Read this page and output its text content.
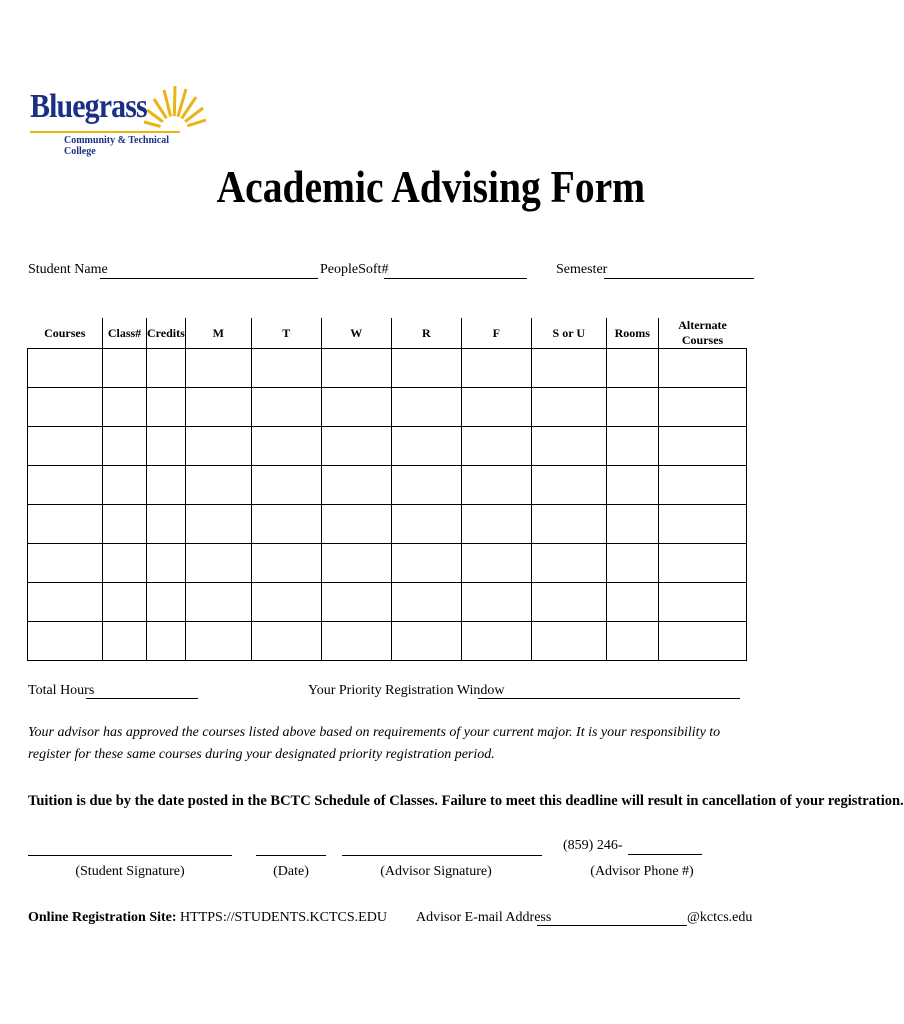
Bluegrass
Community & Technical College
Academic Advising Form
Student Name	PeopleSoft#	Semester
Courses	Class#	Credits	M	T	W	R	F	S or U	Rooms	Alternate Courses

Total Hours	Your Priority Registration Window
Your advisor has approved the courses listed above based on requirements of your current major. It is your responsibility to register for these same courses during your designated priority registration period.
Tuition is due by the date posted in the BCTC Schedule of Classes. Failure to meet this deadline will result in cancellation of your registration.
(859) 246-
(Student Signature)	(Date)	(Advisor Signature)	(Advisor Phone #)
Online Registration Site: HTTPS://STUDENTS.KCTCS.EDU Advisor E-mail Address	@kctcs.edu
